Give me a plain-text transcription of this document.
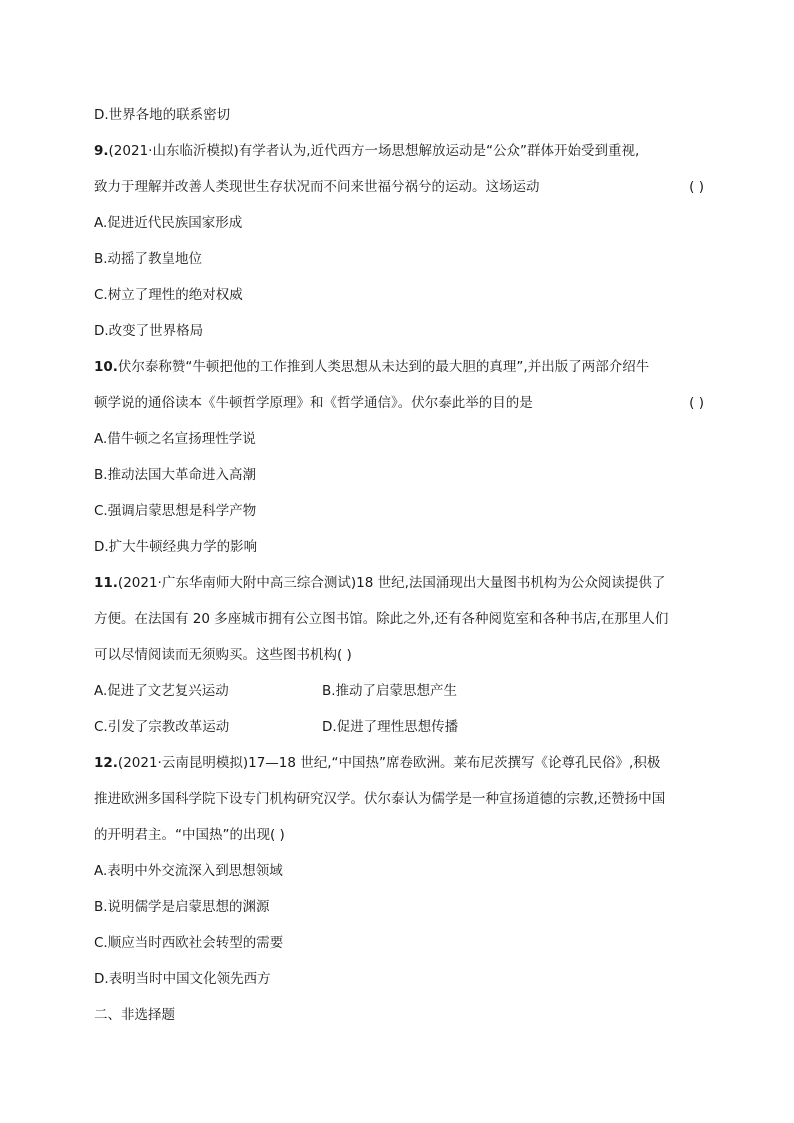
D.世界各地的联系密切
9.(2021·山东临沂模拟)有学者认为,近代西方一场思想解放运动是“公众”群体开始受到重视,
致力于理解并改善人类现世生存状况而不问来世福兮祸兮的运动。这场运动	( )
A.促进近代民族国家形成
B.动摇了教皇地位
C.树立了理性的绝对权威
D.改变了世界格局
10.伏尔泰称赞“牛顿把他的工作推到人类思想从未达到的最大胆的真理”,并出版了两部介绍牛
顿学说的通俗读本《牛顿哲学原理》和《哲学通信》。伏尔泰此举的目的是	( )
A.借牛顿之名宣扬理性学说
B.推动法国大革命进入高潮
C.强调启蒙思想是科学产物
D.扩大牛顿经典力学的影响
11.(2021·广东华南师大附中高三综合测试)18 世纪,法国涌现出大量图书机构为公众阅读提供了
方便。在法国有 20 多座城市拥有公立图书馆。除此之外,还有各种阅览室和各种书店,在那里人们
可以尽情阅读而无须购买。这些图书机构( )
A.促进了文艺复兴运动	B.推动了启蒙思想产生
C.引发了宗教改革运动	D.促进了理性思想传播
12.(2021·云南昆明模拟)17—18 世纪,“中国热”席卷欧洲。莱布尼茨撰写《论尊孔民俗》,积极
推进欧洲多国科学院下设专门机构研究汉学。伏尔泰认为儒学是一种宣扬道德的宗教,还赞扬中国
的开明君主。“中国热”的出现( )
A.表明中外交流深入到思想领域
B.说明儒学是启蒙思想的渊源
C.顺应当时西欧社会转型的需要
D.表明当时中国文化领先西方
二、非选择题
